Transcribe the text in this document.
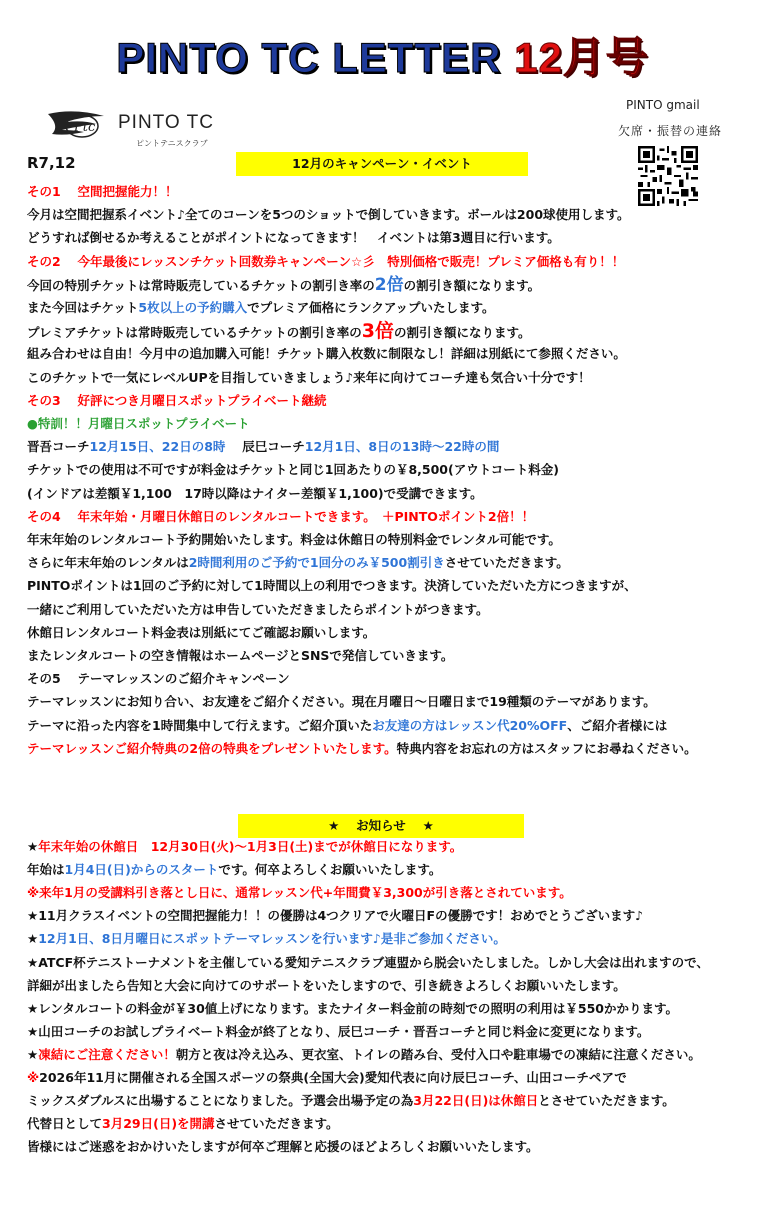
PINTO TC LETTER 12月号
Ptc PINTO TC
ピントテニスクラブ
PINTO gmail
欠席・振替の連絡
R7,12	12月のキャンペーン・イベント
★　 お知らせ　 ★
その1　 空間把握能力！！
今月は空間把握系イベント♪全てのコーンを5つのショットで倒していきます。ボールは200球使用します。
どうすれば倒せるか考えることがポイントになってきます！　イベントは第3週目に行います。
その2　 今年最後にレッスンチケット回数券キャンペーン☆彡　特別価格で販売！プレミア価格も有り！！
今回の特別チケットは常時販売しているチケットの割引き率の2倍の割引き額になります。
また今回はチケット5枚以上の予約購入でプレミア価格にランクアップいたします。
プレミアチケットは常時販売しているチケットの割引き率の3倍の割引き額になります。
組み合わせは自由！今月中の追加購入可能！チケット購入枚数に制限なし！詳細は別紙にて参照ください。
このチケットで一気にレベルUPを目指していきましょう♪来年に向けてコーチ達も気合い十分です！
その3　 好評につき月曜日スポットプライベート継続
●特訓！！月曜日スポットプライベート
晋吾コーチ12月15日、22日の8時　 辰巳コーチ12月1日、8日の13時〜22時の間
チケットでの使用は不可ですが料金はチケットと同じ1回あたりの￥8,500(アウトコート料金)
(インドアは差額￥1,100　17時以降はナイター差額￥1,100)で受講できます。
その4　 年末年始・月曜日休館日のレンタルコートできます。　＋PINTOポイント2倍！！
年末年始のレンタルコート予約開始いたします。料金は休館日の特別料金でレンタル可能です。
さらに年末年始のレンタルは2時間利用のご予約で1回分のみ￥500割引きさせていただきます。
PINTOポイントは1回のご予約に対して1時間以上の利用でつきます。決済していただいた方につきますが、
一緒にご利用していただいた方は申告していただきましたらポイントがつきます。
休館日レンタルコート料金表は別紙にてご確認お願いします。
またレンタルコートの空き情報はホームページとSNSで発信していきます。
その5　 テーマレッスンのご紹介キャンペーン
テーマレッスンにお知り合い、お友達をご紹介ください。現在月曜日〜日曜日まで19種類のテーマがあります。
テーマに沿った内容を1時間集中して行えます。ご紹介頂いたお友達の方はレッスン代20%OFF、ご紹介者様には
テーマレッスンご紹介特典の2倍の特典をプレゼントいたします。特典内容をお忘れの方はスタッフにお尋ねください。
★年末年始の休館日　12月30日(火)〜1月3日(土)までが休館日になります。
年始は1月4日(日)からのスタートです。何卒よろしくお願いいたします。
※来年1月の受講料引き落とし日に、通常レッスン代+年間費￥3,300が引き落とされています。
★11月クラスイベントの空間把握能力！！の優勝は4つクリアで火曜日Fの優勝です！おめでとうございます♪
★12月1日、8日月曜日にスポットテーマレッスンを行います♪是非ご参加ください。
★ATCF杯テニストーナメントを主催している愛知テニスクラブ連盟から脱会いたしました。しかし大会は出れますので、
詳細が出ましたら告知と大会に向けてのサポートをいたしますので、引き続きよろしくお願いいたします。
★レンタルコートの料金が￥30値上げになります。またナイター料金前の時刻での照明の利用は￥550かかります。
★山田コーチのお試しプライベート料金が終了となり、辰巳コーチ・晋吾コーチと同じ料金に変更になります。
★凍結にご注意ください！朝方と夜は冷え込み、更衣室、トイレの踏み台、受付入口や駐車場での凍結に注意ください。
※2026年11月に開催される全国スポーツの祭典(全国大会)愛知代表に向け辰巳コーチ、山田コーチペアで
ミックスダブルスに出場することになりました。予選会出場予定の為3月22日(日)は休館日とさせていただきます。
代替日として3月29日(日)を開講させていただきます。
皆様にはご迷惑をおかけいたしますが何卒ご理解と応援のほどよろしくお願いいたします。
